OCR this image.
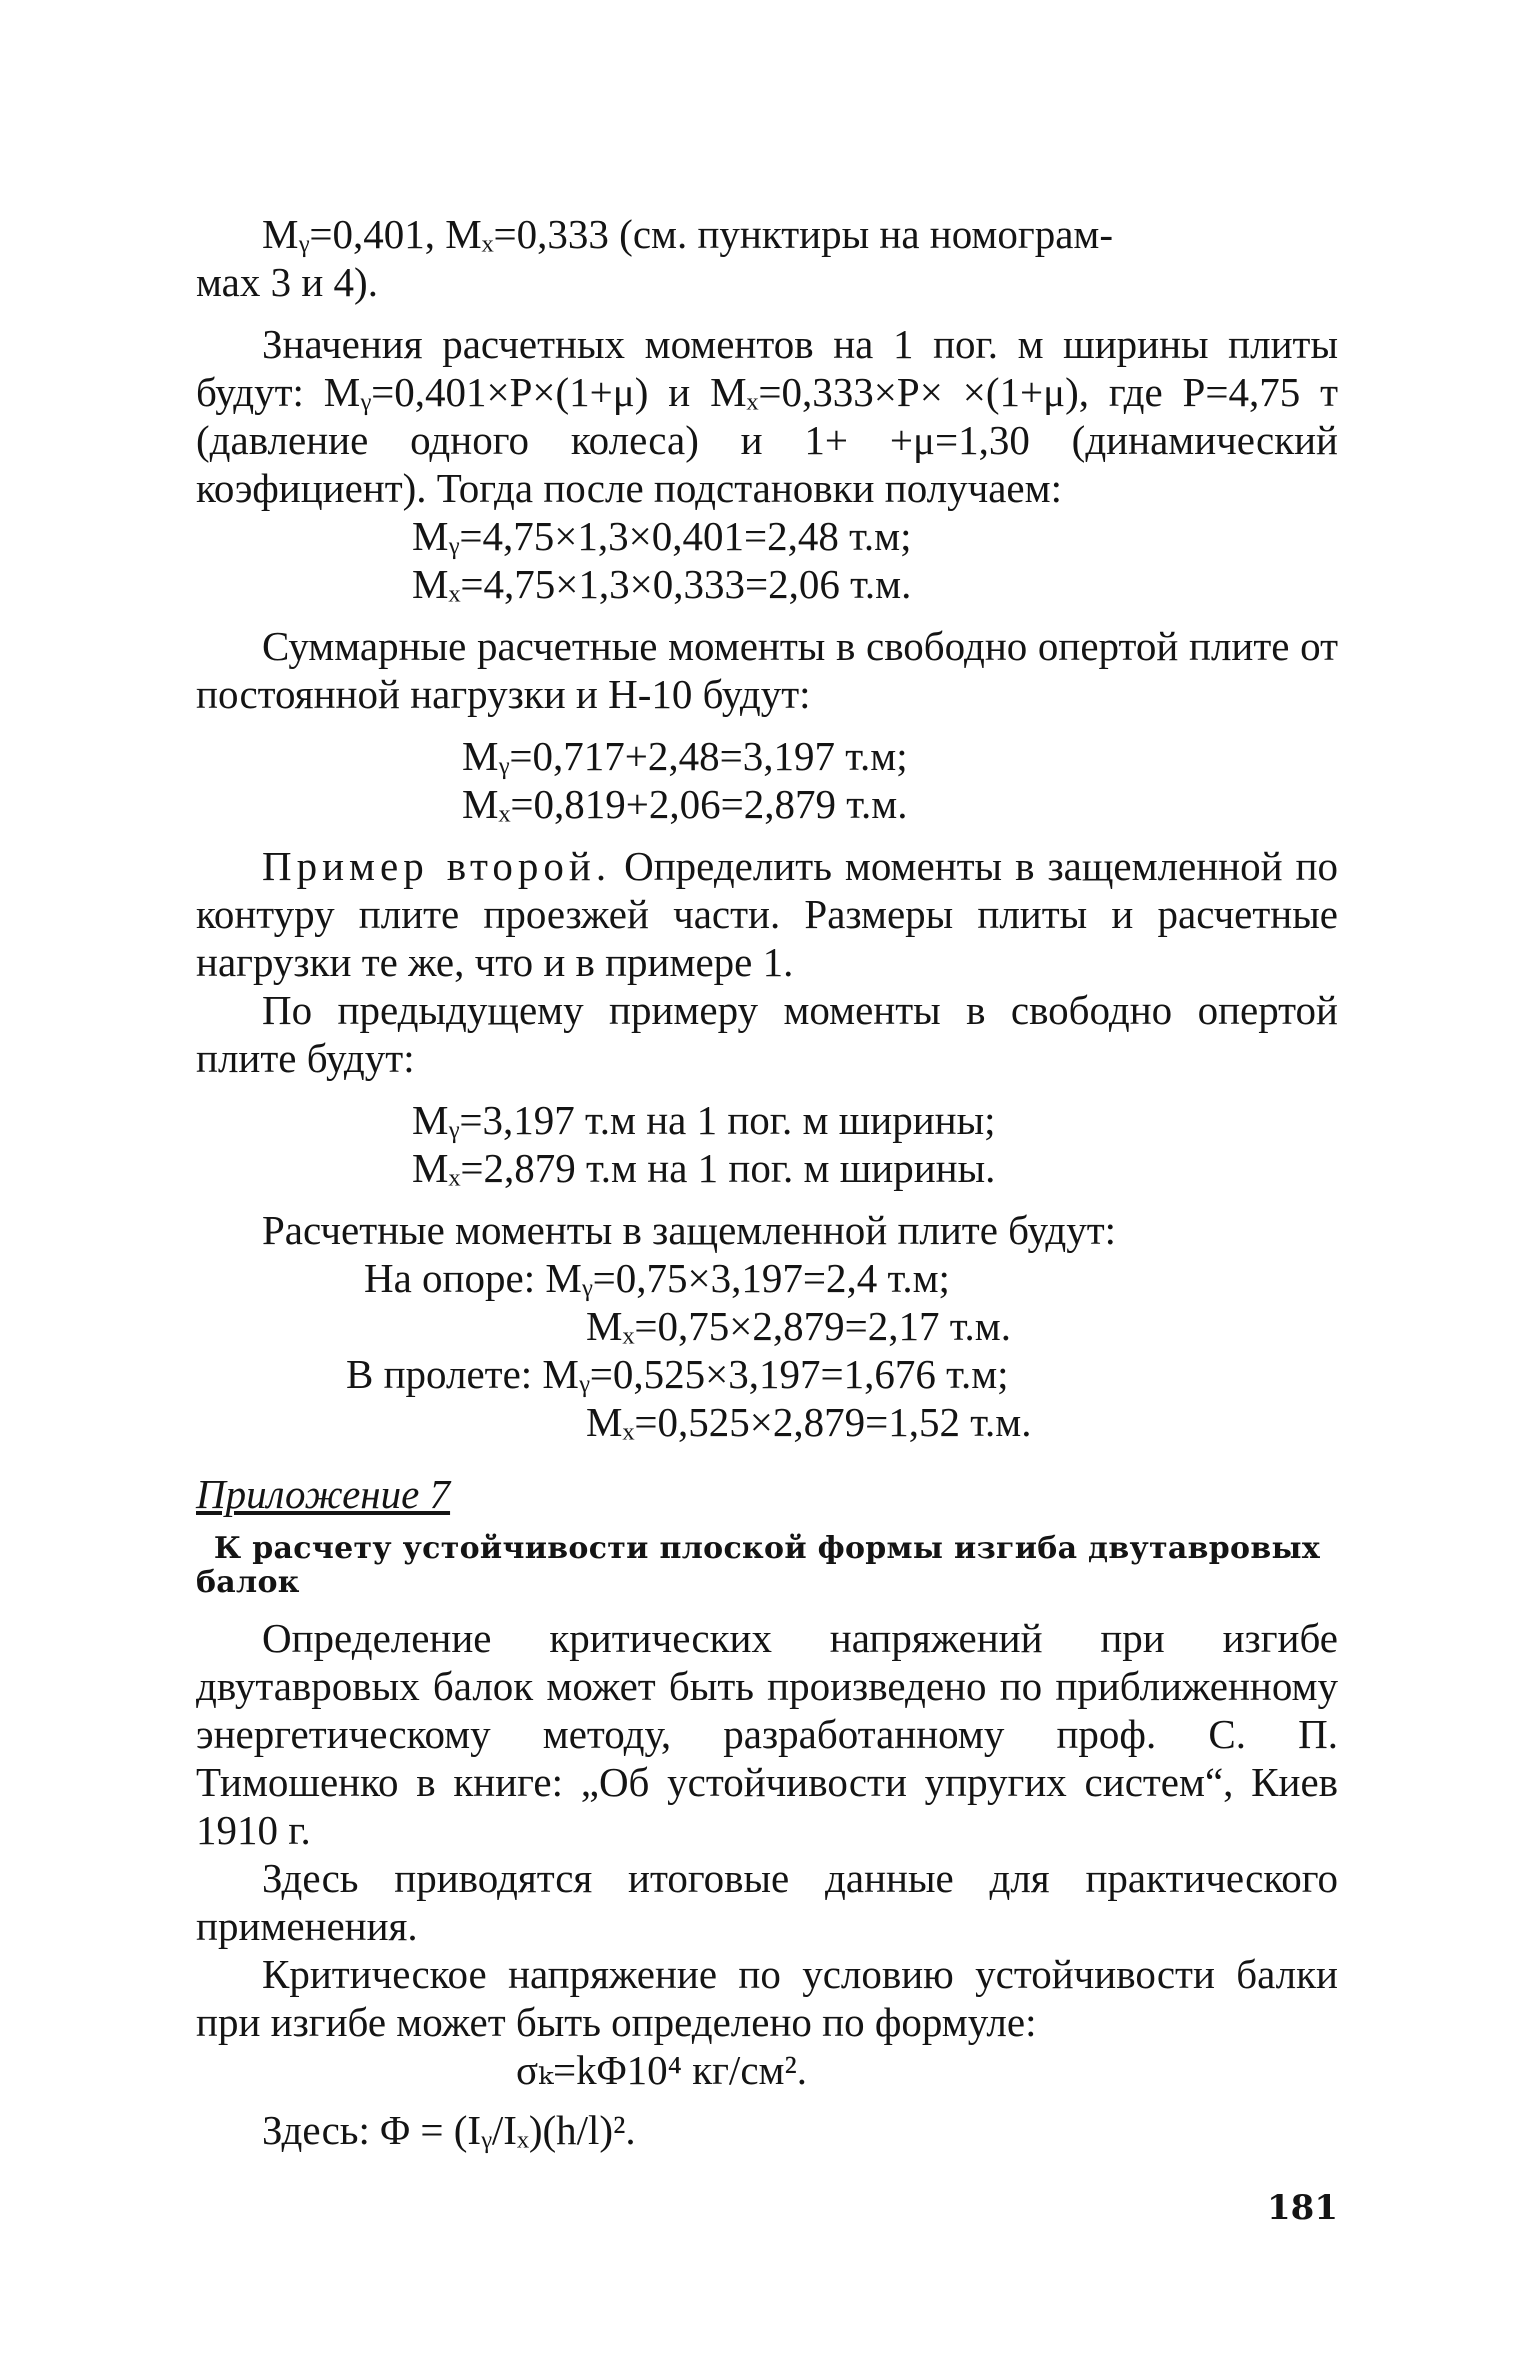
Mᵧ=0,401, Mₓ=0,333 (см. пунктиры на номограм-

мах 3 и 4).

Значения расчетных моментов на 1 пог. м ширины плиты будут: Mᵧ=0,401×P×(1+μ) и Mₓ=0,333×P× ×(1+μ), где P=4,75 т (давление одного колеса) и 1+ +μ=1,30 (динамический коэфициент). Тогда после подстановки получаем:

Mᵧ=4,75×1,3×0,401=2,48 т.м;

Mₓ=4,75×1,3×0,333=2,06 т.м.

Суммарные расчетные моменты в свободно опертой плите от постоянной нагрузки и Н-10 будут:

Mᵧ=0,717+2,48=3,197 т.м;

Mₓ=0,819+2,06=2,879 т.м.

Пример второй. Определить моменты в защемленной по контуру плите проезжей части. Размеры плиты и расчетные нагрузки те же, что и в примере 1.

По предыдущему примеру моменты в свободно опертой плите будут:

Mᵧ=3,197 т.м на 1 пог. м ширины;

Mₓ=2,879 т.м на 1 пог. м ширины.

Расчетные моменты в защемленной плите будут:

На опоре: Mᵧ=0,75×3,197=2,4 т.м;

Mₓ=0,75×2,879=2,17 т.м.

В пролете: Mᵧ=0,525×3,197=1,676 т.м;

Mₓ=0,525×2,879=1,52 т.м.

Приложение 7

К расчету устойчивости плоской формы изгиба двутавровых балок

Определение критических напряжений при изгибе двутавровых балок может быть произведено по приближенному энергетическому методу, разработанному проф. С. П. Тимошенко в книге: „Об устойчивости упругих систем“, Киев 1910 г.

Здесь приводятся итоговые данные для практического применения.

Критическое напряжение по условию устойчивости балки при изгибе может быть определено по формуле:

σₖ=kΦ10⁴ кг/см².

Здесь: Φ = (Iᵧ/Iₓ)(h/l)².

181
